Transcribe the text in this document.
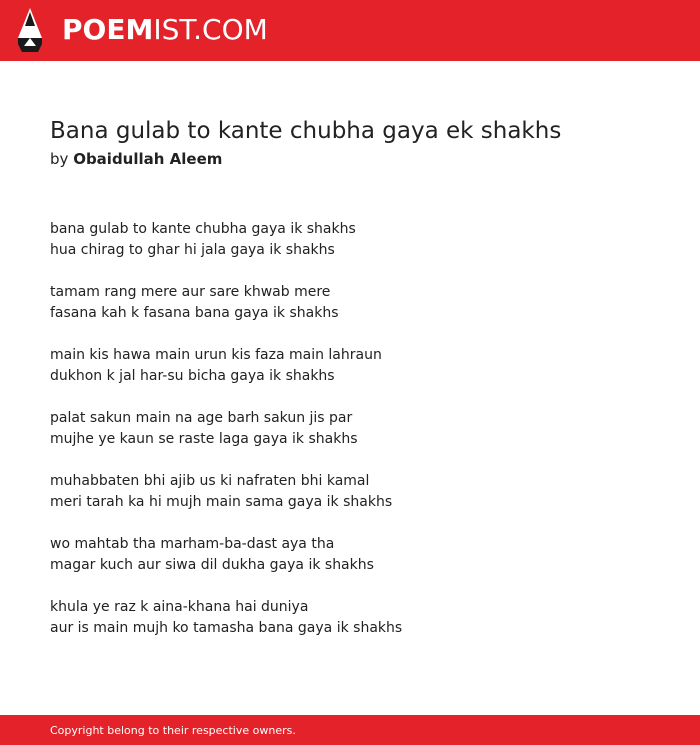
POEMIST.COM
Bana gulab to kante chubha gaya ek shakhs
by Obaidullah Aleem
bana gulab to kante chubha gaya ik shakhs
hua chirag to ghar hi jala gaya ik shakhs
tamam rang mere aur sare khwab mere
fasana kah k fasana bana gaya ik shakhs
main kis hawa main urun kis faza main lahraun
dukhon k jal har-su bicha gaya ik shakhs
palat sakun main na age barh sakun jis par
mujhe ye kaun se raste laga gaya ik shakhs
muhabbaten bhi ajib us ki nafraten bhi kamal
meri tarah ka hi mujh main sama gaya ik shakhs
wo mahtab tha marham-ba-dast aya tha
magar kuch aur siwa dil dukha gaya ik shakhs
khula ye raz k aina-khana hai duniya
aur is main mujh ko tamasha bana gaya ik shakhs
Copyright belong to their respective owners.
